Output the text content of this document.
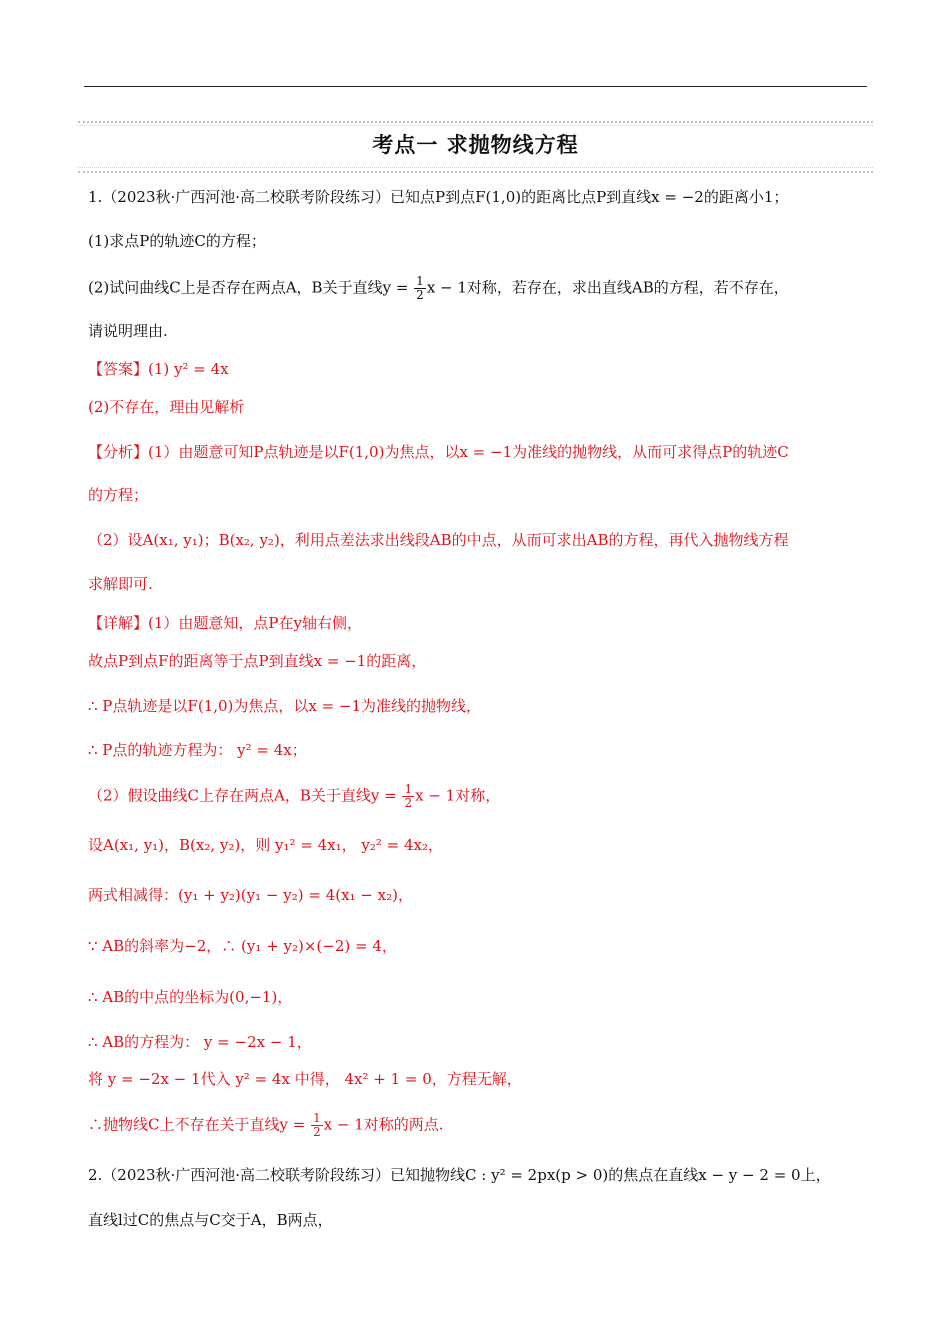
考点一 求抛物线方程
1.（2023秋·广西河池·高二校联考阶段练习）已知点P到点F(1,0)的距离比点P到直线x = −2的距离小1；
(1)求点P的轨迹C的方程；
(2)试问曲线C上是否存在两点A，B关于直线$y = \frac{1}{2}$ x − 1对称，若存在，求出直线AB的方程，若不存在，
请说明理由.
【答案】(1) y² = 4x
(2)不存在，理由见解析
【分析】(1）由题意可知P点轨迹是以F(1,0)为焦点，以x = −1为准线的抛物线，从而可求得点P的轨迹C
的方程；
（2）设A(x₁, y₁)；B(x₂, y₂)，利用点差法求出线段AB的中点，从而可求出AB的方程，再代入抛物线方程
求解即可.
【详解】(1）由题意知，点P在y轴右侧，
故点P到点F的距离等于点P到直线x = −1的距离，
∴ P点轨迹是以F(1,0)为焦点，以x = −1为准线的抛物线，
∴ P点的轨迹方程为： y² = 4x；
（2）假设曲线C上存在两点A，B关于直线$y = \frac{1}{2}$ x − 1对称，
设A(x₁, y₁)，B(x₂, y₂)，则 y₁² = 4x₁， y₂² = 4x₂，
两式相减得：(y₁ + y₂)(y₁ − y₂) = 4(x₁ − x₂)，
∵ AB的斜率为−2，∴ (y₁ + y₂)×(−2) = 4，
∴ AB的中点的坐标为(0,−1)，
∴ AB的方程为： y = −2x − 1，
将 y = −2x − 1代入 y² = 4x 中得， 4x² + 1 = 0，方程无解，
∴抛物线C上不存在关于直线$y = \frac{1}{2}$ x − 1对称的两点.
2.（2023秋·广西河池·高二校联考阶段练习）已知抛物线C : y² = 2px(p > 0)的焦点在直线x − y − 2 = 0上，
直线l过C的焦点与C交于A，B两点，
